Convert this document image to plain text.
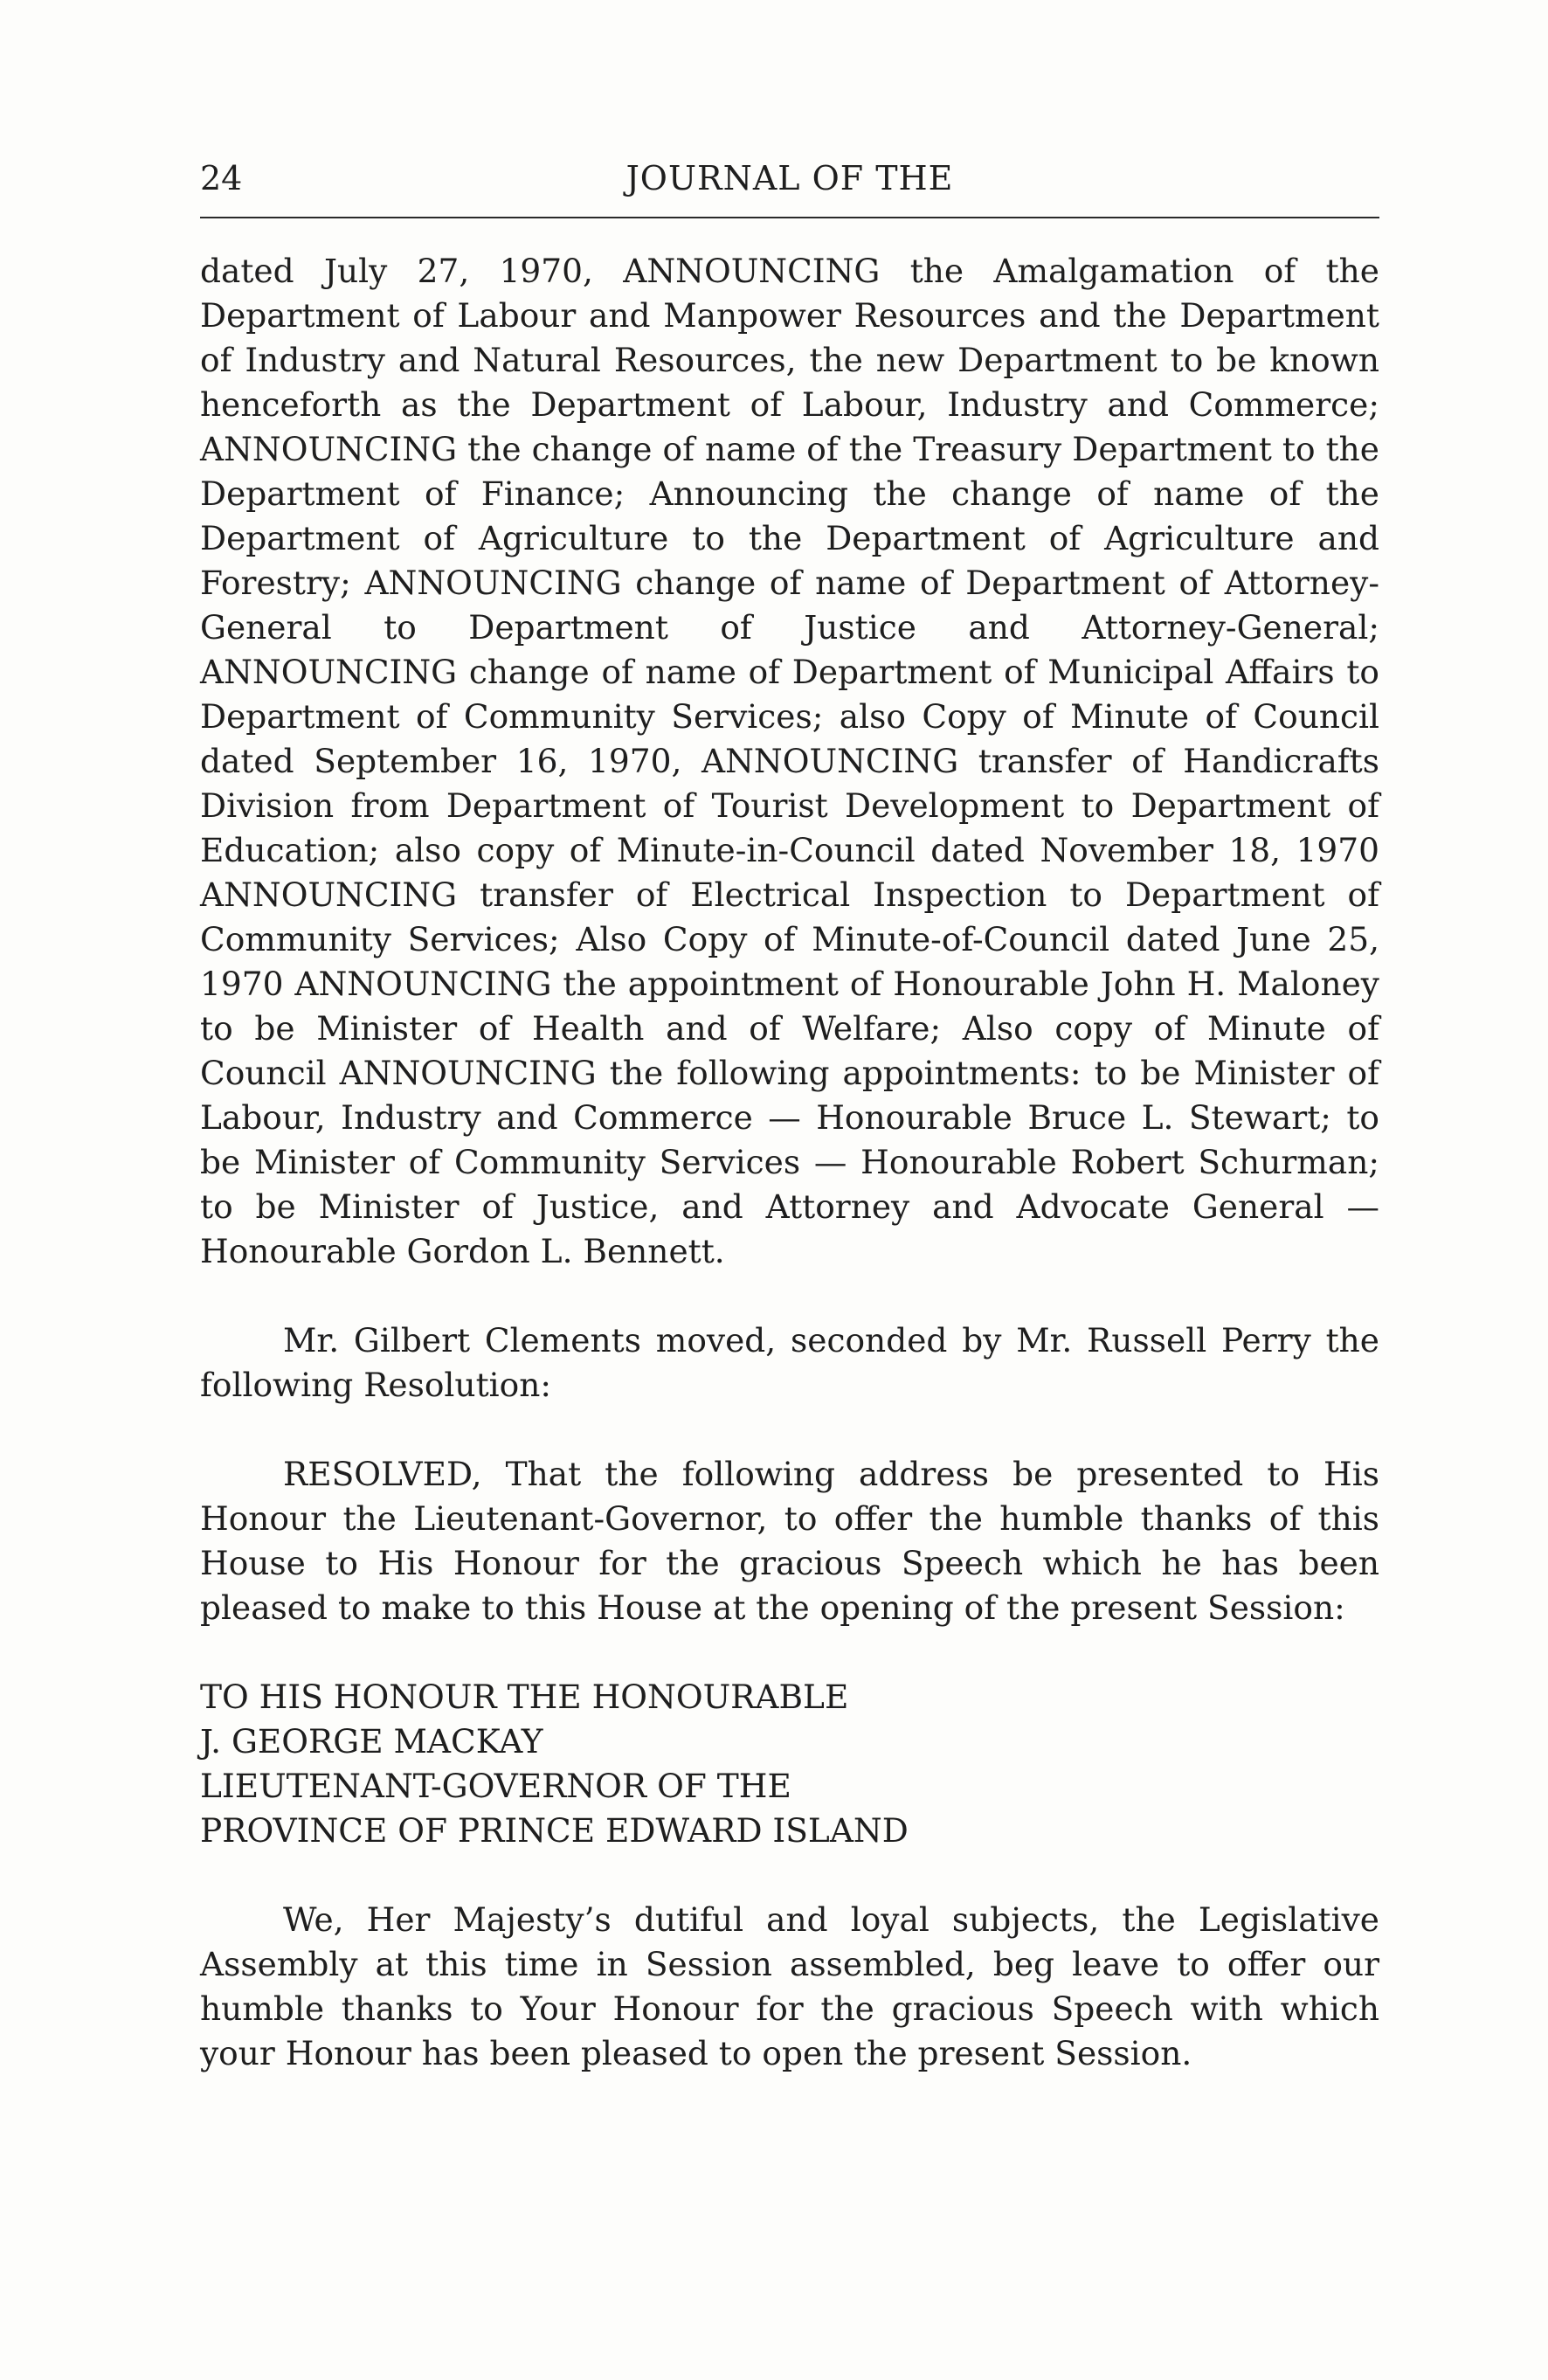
24	JOURNAL OF THE

dated July 27, 1970, ANNOUNCING the Amalgamation of the Department of Labour and Manpower Resources and the Department of Industry and Natural Resources, the new Department to be known henceforth as the Department of Labour, Industry and Commerce; ANNOUNCING the change of name of the Treasury Department to the Department of Finance; Announcing the change of name of the Department of Agriculture to the Department of Agriculture and Forestry; ANNOUNCING change of name of Department of Attorney-General to Department of Justice and Attorney-General; ANNOUNCING change of name of Department of Municipal Affairs to Department of Community Services; also Copy of Minute of Council dated September 16, 1970, ANNOUNCING transfer of Handicrafts Division from Department of Tourist Development to Department of Education; also copy of Minute-in-Council dated November 18, 1970 ANNOUNCING transfer of Electrical Inspection to Department of Community Services; Also Copy of Minute-of-Council dated June 25, 1970 ANNOUNCING the appointment of Honourable John H. Maloney to be Minister of Health and of Welfare; Also copy of Minute of Council ANNOUNCING the following appointments: to be Minister of Labour, Industry and Commerce — Honourable Bruce L. Stewart; to be Minister of Community Services — Honourable Robert Schurman; to be Minister of Justice, and Attorney and Advocate General — Honourable Gordon L. Bennett.

Mr. Gilbert Clements moved, seconded by Mr. Russell Perry the following Resolution:

RESOLVED, That the following address be presented to His Honour the Lieutenant-Governor, to offer the humble thanks of this House to His Honour for the gracious Speech which he has been pleased to make to this House at the opening of the present Session:

TO HIS HONOUR THE HONOURABLE
J. GEORGE MACKAY
LIEUTENANT-GOVERNOR OF THE
PROVINCE OF PRINCE EDWARD ISLAND

We, Her Majesty’s dutiful and loyal subjects, the Legislative Assembly at this time in Session assembled, beg leave to offer our humble thanks to Your Honour for the gracious Speech with which your Honour has been pleased to open the present Session.
